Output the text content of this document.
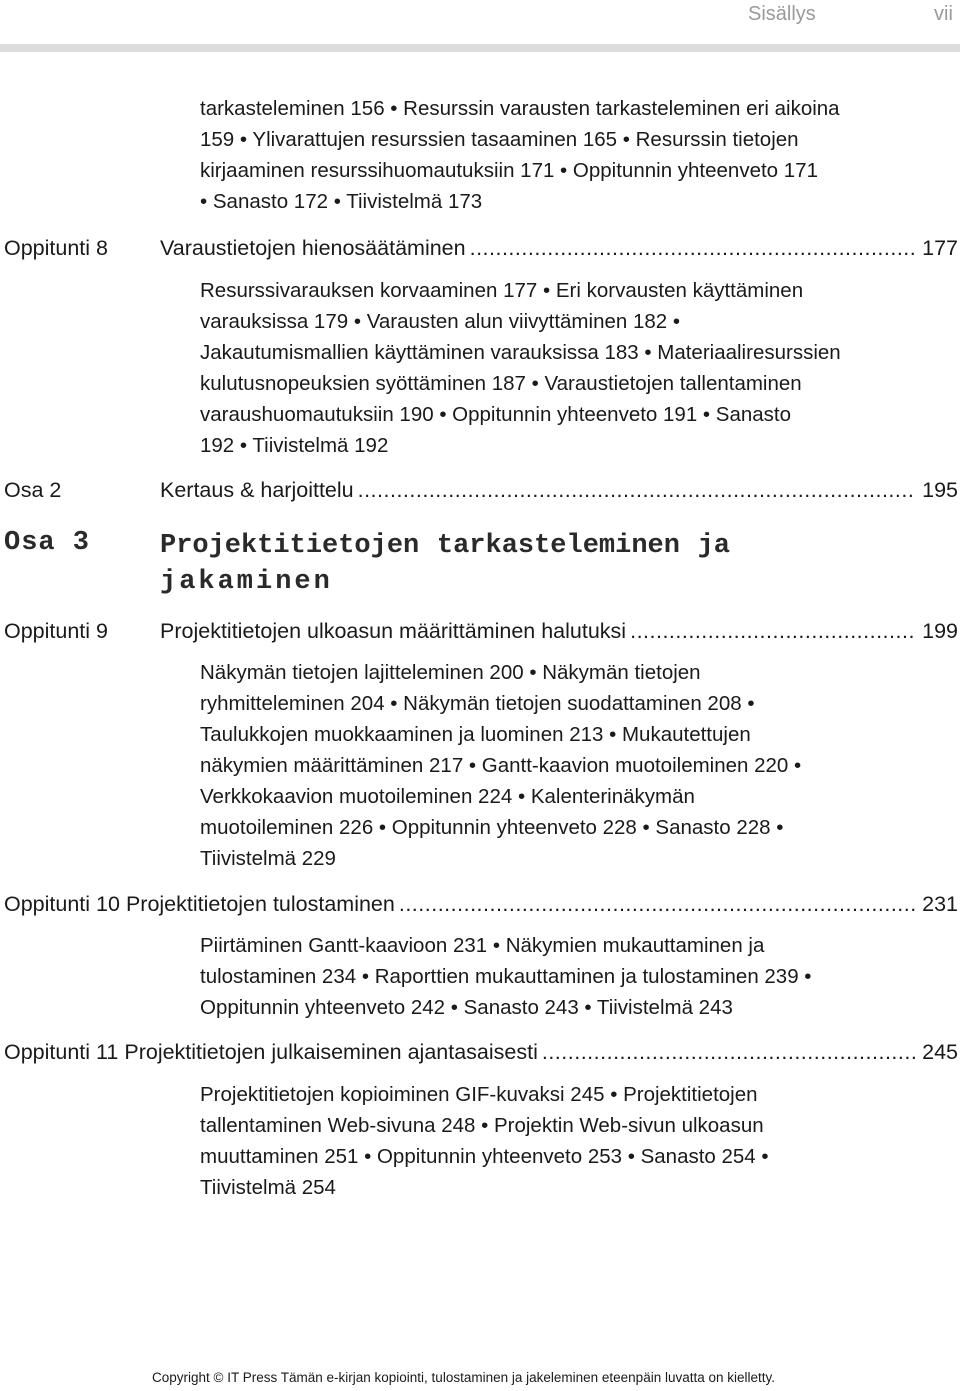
Sisällys	vii
tarkasteleminen 156 • Resurssin varausten tarkasteleminen eri aikoina
159 • Ylivarattujen resurssien tasaaminen 165 • Resurssin tietojen
kirjaaminen resurssihuomautuksiin 171 • Oppitunnin yhteenveto 171
• Sanasto 172 • Tiivistelmä 173
Oppitunti 8	Varaustietojen hienosäätäminen .....	177
Resurssivarauksen korvaaminen 177 • Eri korvausten käyttäminen
varauksissa 179 • Varausten alun viivyttäminen 182 •
Jakautumismallien käyttäminen varauksissa 183 • Materiaaliresurssien
kulutusnopeuksien syöttäminen 187 • Varaustietojen tallentaminen
varaushuomautuksiin 190 • Oppitunnin yhteenveto 191 • Sanasto
192 • Tiivistelmä 192
Osa 2	Kertaus & harjoittelu .....	195
Osa 3	Projektitietojen tarkasteleminen ja
jakaminen
Oppitunti 9	Projektitietojen ulkoasun määrittäminen halutuksi .....	199
Näkymän tietojen lajitteleminen 200 • Näkymän tietojen
ryhmitteleminen 204 • Näkymän tietojen suodattaminen 208 •
Taulukkojen muokkaaminen ja luominen 213 • Mukautettujen
näkymien määrittäminen 217 • Gantt-kaavion muotoileminen 220 •
Verkkokaavion muotoileminen 224 • Kalenterinäkymän
muotoileminen 226 • Oppitunnin yhteenveto 228 • Sanasto 228 •
Tiivistelmä 229
Oppitunti 10 Projektitietojen tulostaminen .....	231
Piirtäminen Gantt-kaavioon 231 • Näkymien mukauttaminen ja
tulostaminen 234 • Raporttien mukauttaminen ja tulostaminen 239 •
Oppitunnin yhteenveto 242 • Sanasto 243 • Tiivistelmä 243
Oppitunti 11 Projektitietojen julkaiseminen ajantasaisesti .....	245
Projektitietojen kopioiminen GIF-kuvaksi 245 • Projektitietojen
tallentaminen Web-sivuna 248 • Projektin Web-sivun ulkoasun
muuttaminen 251 • Oppitunnin yhteenveto 253 • Sanasto 254 •
Tiivistelmä 254
Copyright © IT Press Tämän e-kirjan kopiointi, tulostaminen ja jakeleminen eteenpäin luvatta on kielletty.
